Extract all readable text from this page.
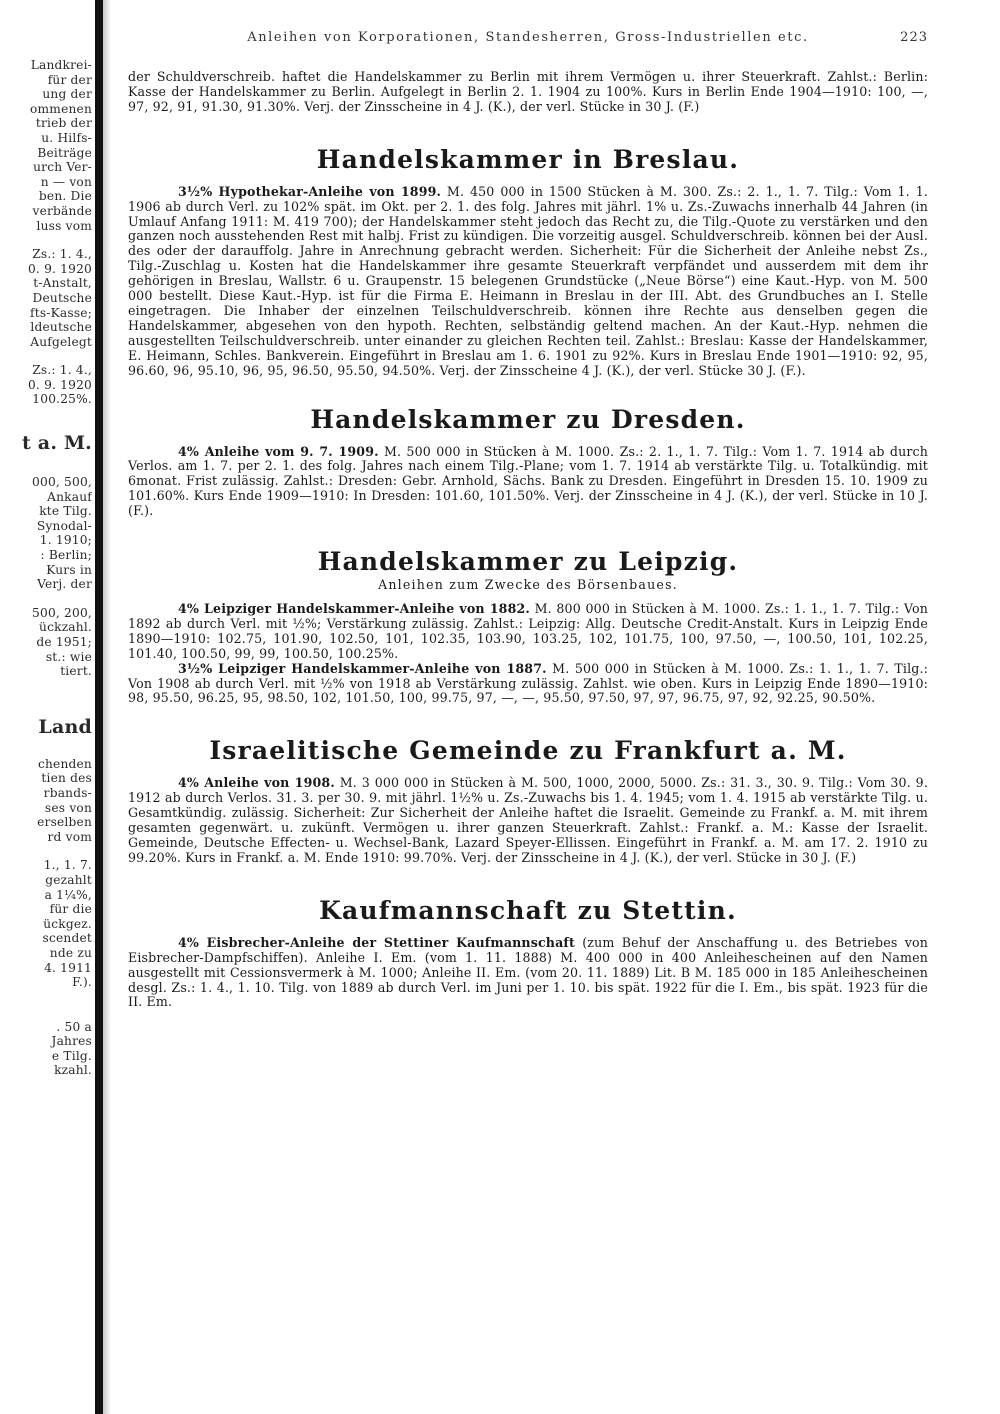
Landkrei-
für der
ung der
ommenen
trieb der
u. Hilfs-
Beiträge
urch Ver-
n — von
ben. Die
verbände
luss vom
Zs.: 1. 4.,
0. 9. 1920
t-Anstalt,
Deutsche
fts-Kasse;
ldeutsche
Aufgelegt
Zs.: 1. 4.,
0. 9. 1920
100.25%.
t a. M.
000, 500,
Ankauf
kte Tilg.
Synodal-
1. 1910;
: Berlin;
Kurs in
Verj. der
500, 200,
ückzahl.
de 1951;
st.: wie
tiert.
Land
chenden
tien des
rbands-
ses von
erselben
rd vom
1., 1. 7.
gezahlt
a 1¼%,
für die
ückgez.
scendet
nde zu
4. 1911
F.).
. 50 a
Jahres
e Tilg.
kzahl.
Anleihen von Korporationen, Standesherren, Gross-Industriellen etc.	223

der Schuldverschreib. haftet die Handelskammer zu Berlin mit ihrem Vermögen u. ihrer Steuerkraft. Zahlst.: Berlin: Kasse der Handelskammer zu Berlin. Aufgelegt in Berlin 2. 1. 1904 zu 100%. Kurs in Berlin Ende 1904—1910: 100, —, 97, 92, 91, 91.30, 91.30%. Verj. der Zinsscheine in 4 J. (K.), der verl. Stücke in 30 J. (F.)

Handelskammer in Breslau.

3½% Hypothekar-Anleihe von 1899. M. 450 000 in 1500 Stücken à M. 300. Zs.: 2. 1., 1. 7. Tilg.: Vom 1. 1. 1906 ab durch Verl. zu 102% spät. im Okt. per 2. 1. des folg. Jahres mit jährl. 1% u. Zs.-Zuwachs innerhalb 44 Jahren (in Umlauf Anfang 1911: M. 419 700); der Handelskammer steht jedoch das Recht zu, die Tilg.-Quote zu verstärken und den ganzen noch ausstehenden Rest mit halbj. Frist zu kündigen. Die vorzeitig ausgel. Schuldverschreib. können bei der Ausl. des oder der darauffolg. Jahre in Anrechnung gebracht werden. Sicherheit: Für die Sicherheit der Anleihe nebst Zs., Tilg.-Zuschlag u. Kosten hat die Handelskammer ihre gesamte Steuerkraft verpfändet und ausserdem mit dem ihr gehörigen in Breslau, Wallstr. 6 u. Graupenstr. 15 belegenen Grundstücke („Neue Börse“) eine Kaut.-Hyp. von M. 500 000 bestellt. Diese Kaut.-Hyp. ist für die Firma E. Heimann in Breslau in der III. Abt. des Grundbuches an I. Stelle eingetragen. Die Inhaber der einzelnen Teilschuldverschreib. können ihre Rechte aus denselben gegen die Handelskammer, abgesehen von den hypoth. Rechten, selbständig geltend machen. An der Kaut.-Hyp. nehmen die ausgestellten Teilschuldverschreib. unter einander zu gleichen Rechten teil. Zahlst.: Breslau: Kasse der Handelskammer, E. Heimann, Schles. Bankverein. Eingeführt in Breslau am 1. 6. 1901 zu 92%. Kurs in Breslau Ende 1901—1910: 92, 95, 96.60, 96, 95.10, 96, 95, 96.50, 95.50, 94.50%. Verj. der Zinsscheine 4 J. (K.), der verl. Stücke 30 J. (F.).

Handelskammer zu Dresden.

4% Anleihe vom 9. 7. 1909. M. 500 000 in Stücken à M. 1000. Zs.: 2. 1., 1. 7. Tilg.: Vom 1. 7. 1914 ab durch Verlos. am 1. 7. per 2. 1. des folg. Jahres nach einem Tilg.-Plane; vom 1. 7. 1914 ab verstärkte Tilg. u. Totalkündig. mit 6monat. Frist zulässig. Zahlst.: Dresden: Gebr. Arnhold, Sächs. Bank zu Dresden. Eingeführt in Dresden 15. 10. 1909 zu 101.60%. Kurs Ende 1909—1910: In Dresden: 101.60, 101.50%. Verj. der Zinsscheine in 4 J. (K.), der verl. Stücke in 10 J. (F.).

Handelskammer zu Leipzig.
Anleihen zum Zwecke des Börsenbaues.

4% Leipziger Handelskammer-Anleihe von 1882. M. 800 000 in Stücken à M. 1000. Zs.: 1. 1., 1. 7. Tilg.: Von 1892 ab durch Verl. mit ½%; Verstärkung zulässig. Zahlst.: Leipzig: Allg. Deutsche Credit-Anstalt. Kurs in Leipzig Ende 1890—1910: 102.75, 101.90, 102.50, 101, 102.35, 103.90, 103.25, 102, 101.75, 100, 97.50, —, 100.50, 101, 102.25, 101.40, 100.50, 99, 99, 100.50, 100.25%.

3½% Leipziger Handelskammer-Anleihe von 1887. M. 500 000 in Stücken à M. 1000. Zs.: 1. 1., 1. 7. Tilg.: Von 1908 ab durch Verl. mit ½% von 1918 ab Verstärkung zulässig. Zahlst. wie oben. Kurs in Leipzig Ende 1890—1910: 98, 95.50, 96.25, 95, 98.50, 102, 101.50, 100, 99.75, 97, —, —, 95.50, 97.50, 97, 97, 96.75, 97, 92, 92.25, 90.50%.

Israelitische Gemeinde zu Frankfurt a. M.

4% Anleihe von 1908. M. 3 000 000 in Stücken à M. 500, 1000, 2000, 5000. Zs.: 31. 3., 30. 9. Tilg.: Vom 30. 9. 1912 ab durch Verlos. 31. 3. per 30. 9. mit jährl. 1½% u. Zs.-Zuwachs bis 1. 4. 1945; vom 1. 4. 1915 ab verstärkte Tilg. u. Gesamtkündig. zulässig. Sicherheit: Zur Sicherheit der Anleihe haftet die Israelit. Gemeinde zu Frankf. a. M. mit ihrem gesamten gegenwärt. u. zukünft. Vermögen u. ihrer ganzen Steuerkraft. Zahlst.: Frankf. a. M.: Kasse der Israelit. Gemeinde, Deutsche Effecten- u. Wechsel-Bank, Lazard Speyer-Ellissen. Eingeführt in Frankf. a. M. am 17. 2. 1910 zu 99.20%. Kurs in Frankf. a. M. Ende 1910: 99.70%. Verj. der Zinsscheine in 4 J. (K.), der verl. Stücke in 30 J. (F.)

Kaufmannschaft zu Stettin.

4% Eisbrecher-Anleihe der Stettiner Kaufmannschaft (zum Behuf der Anschaffung u. des Betriebes von Eisbrecher-Dampfschiffen). Anleihe I. Em. (vom 1. 11. 1888) M. 400 000 in 400 Anleihescheinen auf den Namen ausgestellt mit Cessionsvermerk à M. 1000; Anleihe II. Em. (vom 20. 11. 1889) Lit. B M. 185 000 in 185 Anleihescheinen desgl. Zs.: 1. 4., 1. 10. Tilg. von 1889 ab durch Verl. im Juni per 1. 10. bis spät. 1922 für die I. Em., bis spät. 1923 für die II. Em.
